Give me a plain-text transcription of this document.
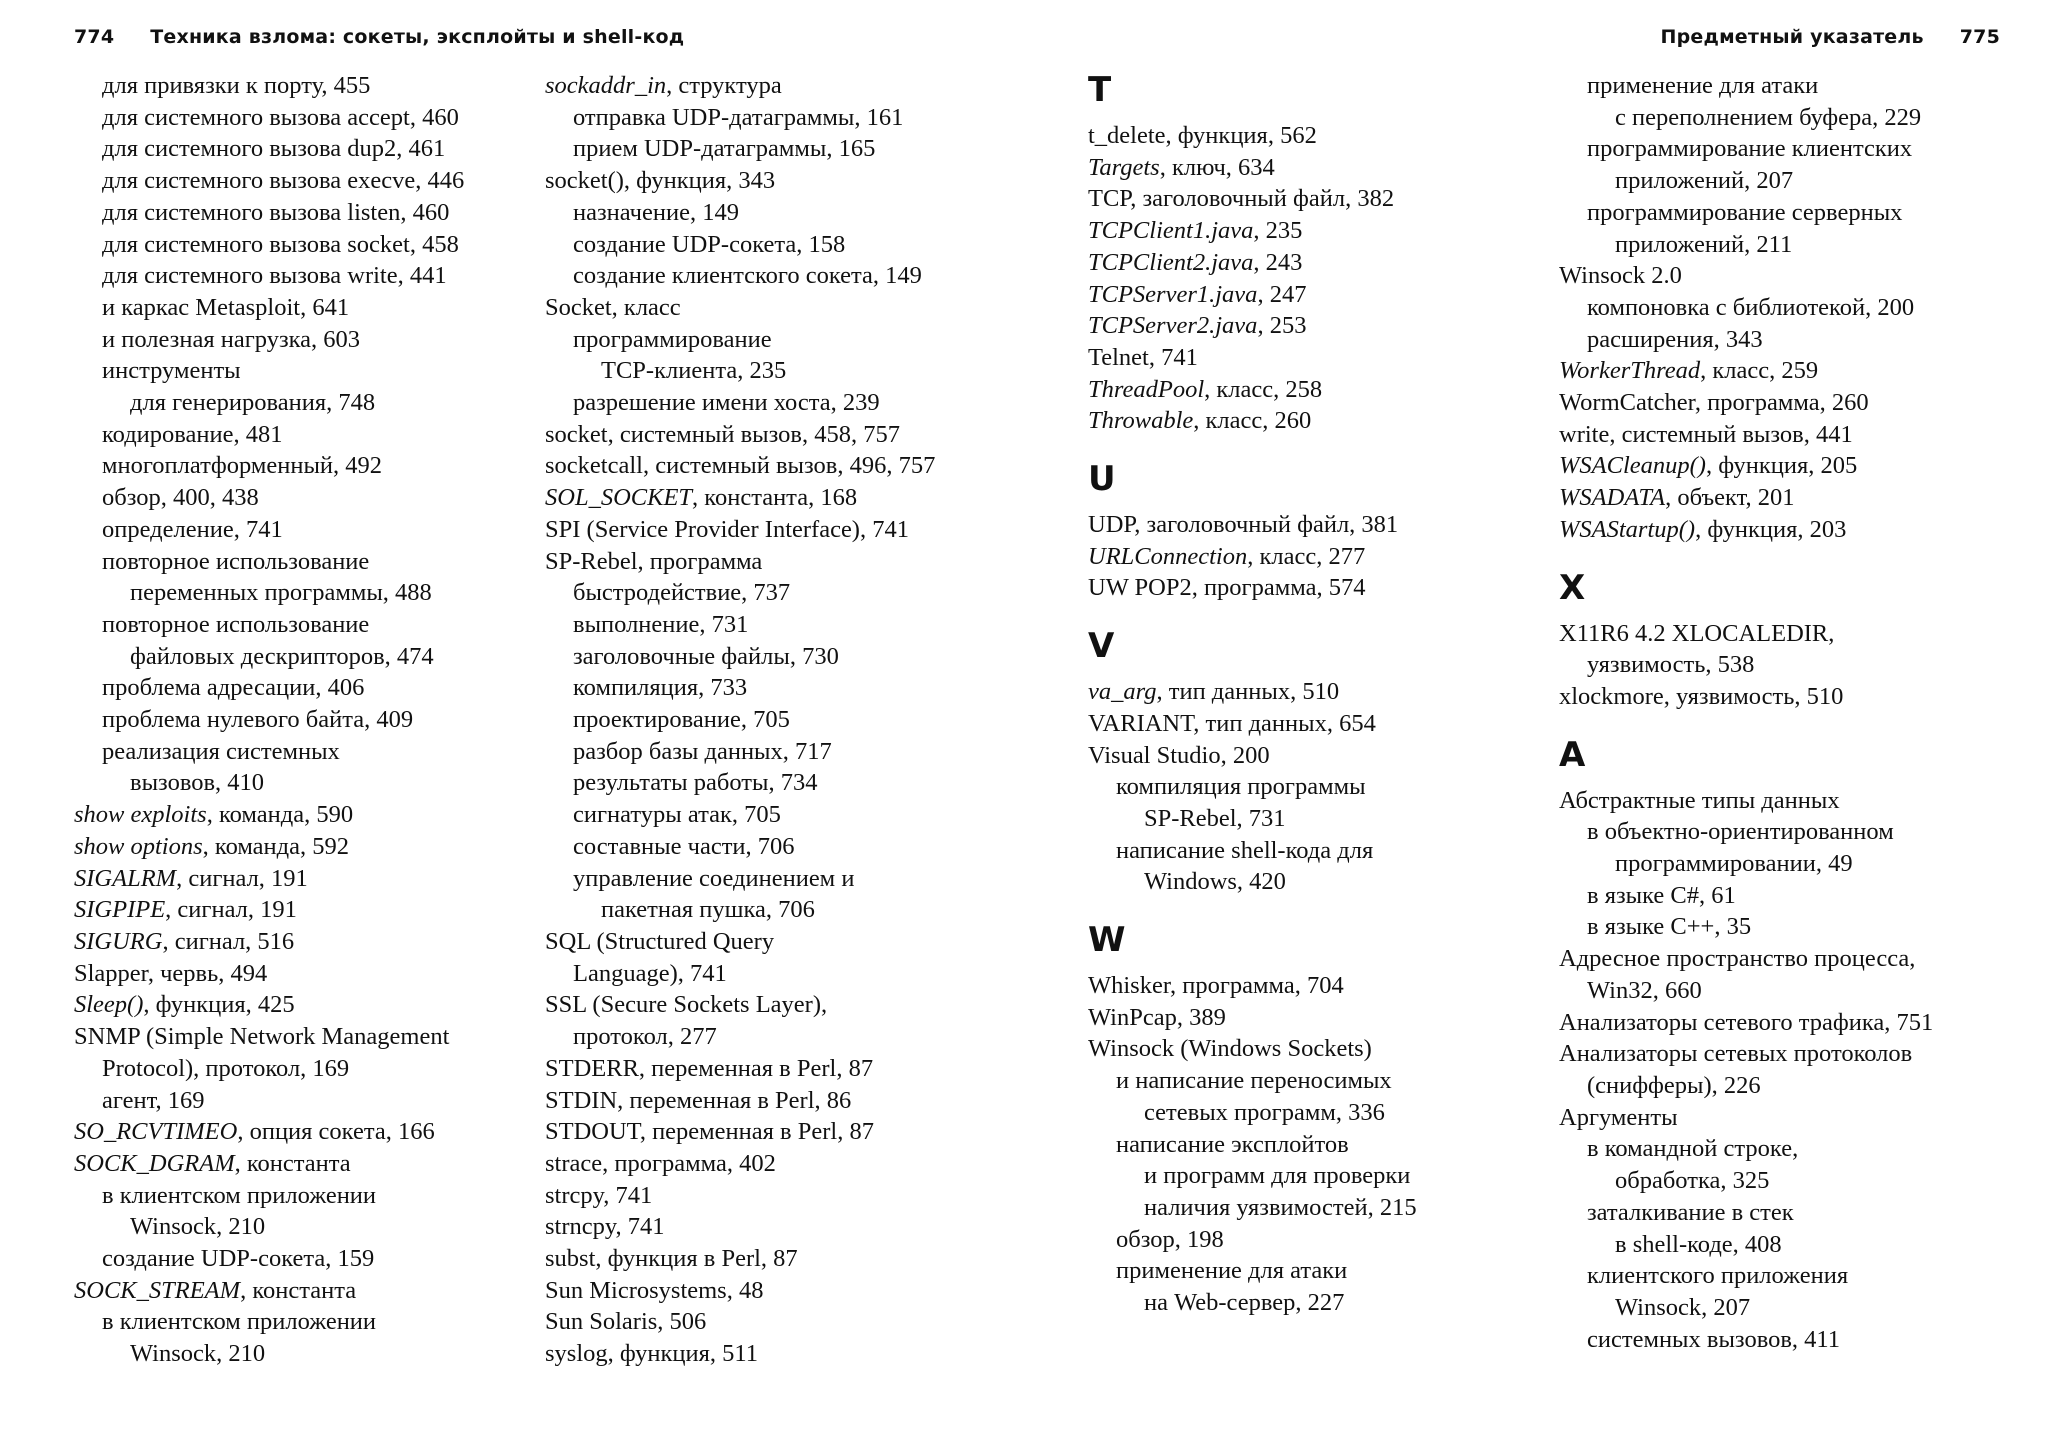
774 Техника взлома: сокеты, эксплойты и shell-код	Предметный указатель 775
для привязки к порту, 455
для системного вызова accept, 460
для системного вызова dup2, 461
для системного вызова execve, 446
для системного вызова listen, 460
для системного вызова socket, 458
для системного вызова write, 441
и каркас Metasploit, 641
и полезная нагрузка, 603
инструменты
для генерирования, 748
кодирование, 481
многоплатформенный, 492
обзор, 400, 438
определение, 741
повторное использование
переменных программы, 488
повторное использование
файловых дескрипторов, 474
проблема адресации, 406
проблема нулевого байта, 409
реализация системных
вызовов, 410
show exploits, команда, 590
show options, команда, 592
SIGALRM, сигнал, 191
SIGPIPE, сигнал, 191
SIGURG, сигнал, 516
Slapper, червь, 494
Sleep(), функция, 425
SNMP (Simple Network Management
Protocol), протокол, 169
агент, 169
SO_RCVTIMEO, опция сокета, 166
SOCK_DGRAM, константа
в клиентском приложении
Winsock, 210
создание UDP-сокета, 159
SOCK_STREAM, константа
в клиентском приложении
Winsock, 210
sockaddr_in, структура
отправка UDP-датаграммы, 161
прием UDP-датаграммы, 165
socket(), функция, 343
назначение, 149
создание UDP-сокета, 158
создание клиентского сокета, 149
Socket, класс
программирование
TCP-клиента, 235
разрешение имени хоста, 239
socket, системный вызов, 458, 757
socketcall, системный вызов, 496, 757
SOL_SOCKET, константа, 168
SPI (Service Provider Interface), 741
SP-Rebel, программа
быстродействие, 737
выполнение, 731
заголовочные файлы, 730
компиляция, 733
проектирование, 705
разбор базы данных, 717
результаты работы, 734
сигнатуры атак, 705
составные части, 706
управление соединением и
пакетная пушка, 706
SQL (Structured Query
Language), 741
SSL (Secure Sockets Layer),
протокол, 277
STDERR, переменная в Perl, 87
STDIN, переменная в Perl, 86
STDOUT, переменная в Perl, 87
strace, программа, 402
strcpy, 741
strncpy, 741
subst, функция в Perl, 87
Sun Microsystems, 48
Sun Solaris, 506
syslog, функция, 511
T
t_delete, функция, 562
Targets, ключ, 634
TCP, заголовочный файл, 382
TCPClient1.java, 235
TCPClient2.java, 243
TCPServer1.java, 247
TCPServer2.java, 253
Telnet, 741
ThreadPool, класс, 258
Throwable, класс, 260
U
UDP, заголовочный файл, 381
URLConnection, класс, 277
UW POP2, программа, 574
V
va_arg, тип данных, 510
VARIANT, тип данных, 654
Visual Studio, 200
компиляция программы
SP-Rebel, 731
написание shell-кода для
Windows, 420
W
Whisker, программа, 704
WinPcap, 389
Winsock (Windows Sockets)
и написание переносимых
сетевых программ, 336
написание эксплойтов
и программ для проверки
наличия уязвимостей, 215
обзор, 198
применение для атаки
на Web-сервер, 227
применение для атаки
с переполнением буфера, 229
программирование клиентских
приложений, 207
программирование серверных
приложений, 211
Winsock 2.0
компоновка с библиотекой, 200
расширения, 343
WorkerThread, класс, 259
WormCatcher, программа, 260
write, системный вызов, 441
WSACleanup(), функция, 205
WSADATA, объект, 201
WSAStartup(), функция, 203
X
X11R6 4.2 XLOCALEDIR,
уязвимость, 538
xlockmore, уязвимость, 510
А
Абстрактные типы данных
в объектно-ориентированном
программировании, 49
в языке C#, 61
в языке C++, 35
Адресное пространство процесса,
Win32, 660
Анализаторы сетевого трафика, 751
Анализаторы сетевых протоколов
(снифферы), 226
Аргументы
в командной строке,
обработка, 325
заталкивание в стек
в shell-коде, 408
клиентского приложения
Winsock, 207
системных вызовов, 411
